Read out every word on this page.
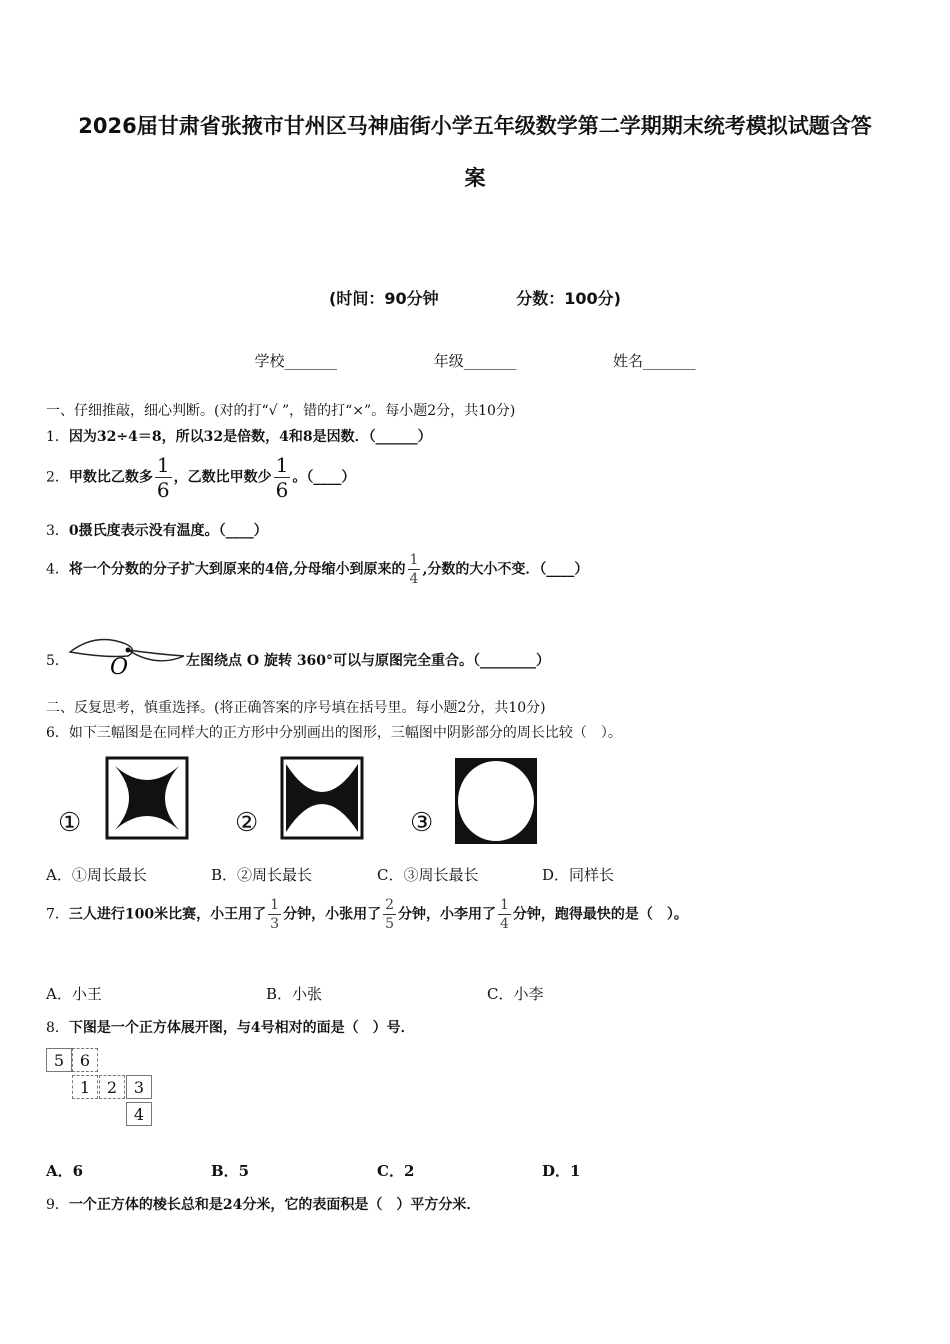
2026届甘肃省张掖市甘州区马神庙街小学五年级数学第二学期期末统考模拟试题含答
案
(时间：90分钟	分数：100分)
学校_______	年级_______	姓名_______
一、仔细推敲，细心判断。(对的打“√ ”，错的打“×”。每小题2分，共10分)
1．因为32÷4＝8，所以32是倍数，4和8是因数．（______）
2．甲数比乙数多 $\frac{1}{6}$ ，乙数比甲数少 $\frac{1}{6}$ 。（____）
3．0摄氏度表示没有温度。（____）
4．将一个分数的分子扩大到原来的4倍,分母缩小到原来的 $\frac{1}{4}$ ,分数的大小不变．（____）
5． O	左图绕点 O 旋转 360°可以与原图完全重合。（________）
二、反复思考，慎重选择。(将正确答案的序号填在括号里。每小题2分，共10分)
6．如下三幅图是在同样大的正方形中分别画出的图形，三幅图中阴影部分的周长比较（　）。
①	②	③
A．①周长最长	B．②周长最长	C．③周长最长	D．同样长
7．三人进行100米比赛，小王用了 $\frac{1}{3}$ 分钟，小张用了 $\frac{2}{5}$ 分钟，小李用了 $\frac{1}{4}$ 分钟，跑得最快的是（　）。
A．小王	B．小张	C．小李
8．下图是一个正方体展开图，与4号相对的面是（　）号．
5 6
1	2	3
4
A．6	B．5	C．2	D．1
9．一个正方体的棱长总和是24分米，它的表面积是（　）平方分米．
